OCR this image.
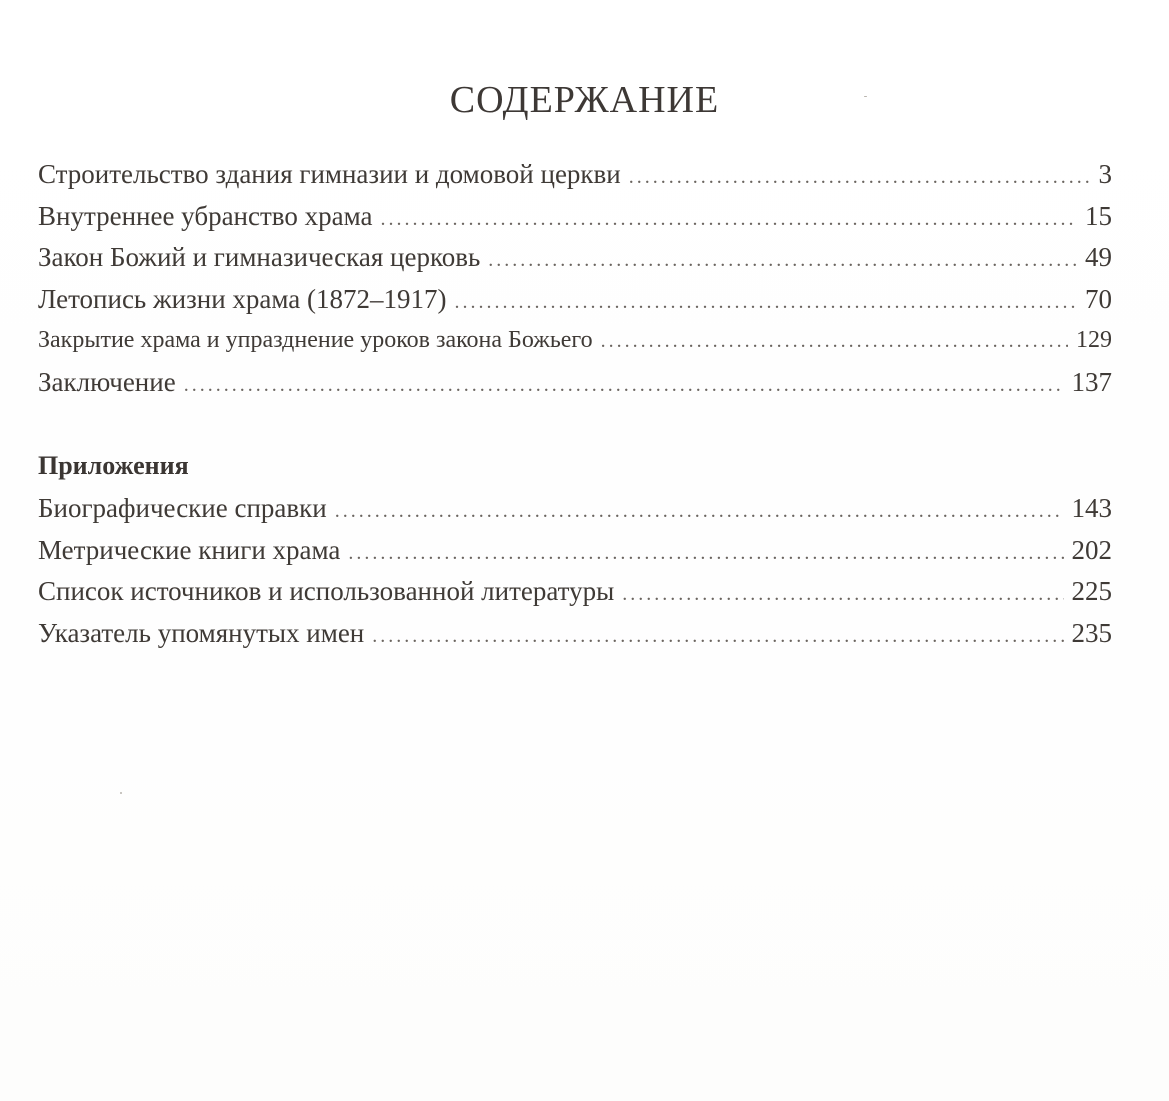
СОДЕРЖАНИЕ
Строительство здания гимназии и домовой церкви .....	3
Внутреннее убранство храма .....	15
Закон Божий и гимназическая церковь .....	49
Летопись жизни храма (1872–1917) .....	70
Закрытие храма и упразднение уроков закона Божьего .....	129
Заключение .....	137
Приложения
Биографические справки .....	143
Метрические книги храма .....	202
Список источников и использованной литературы .....	225
Указатель упомянутых имен .....	235
